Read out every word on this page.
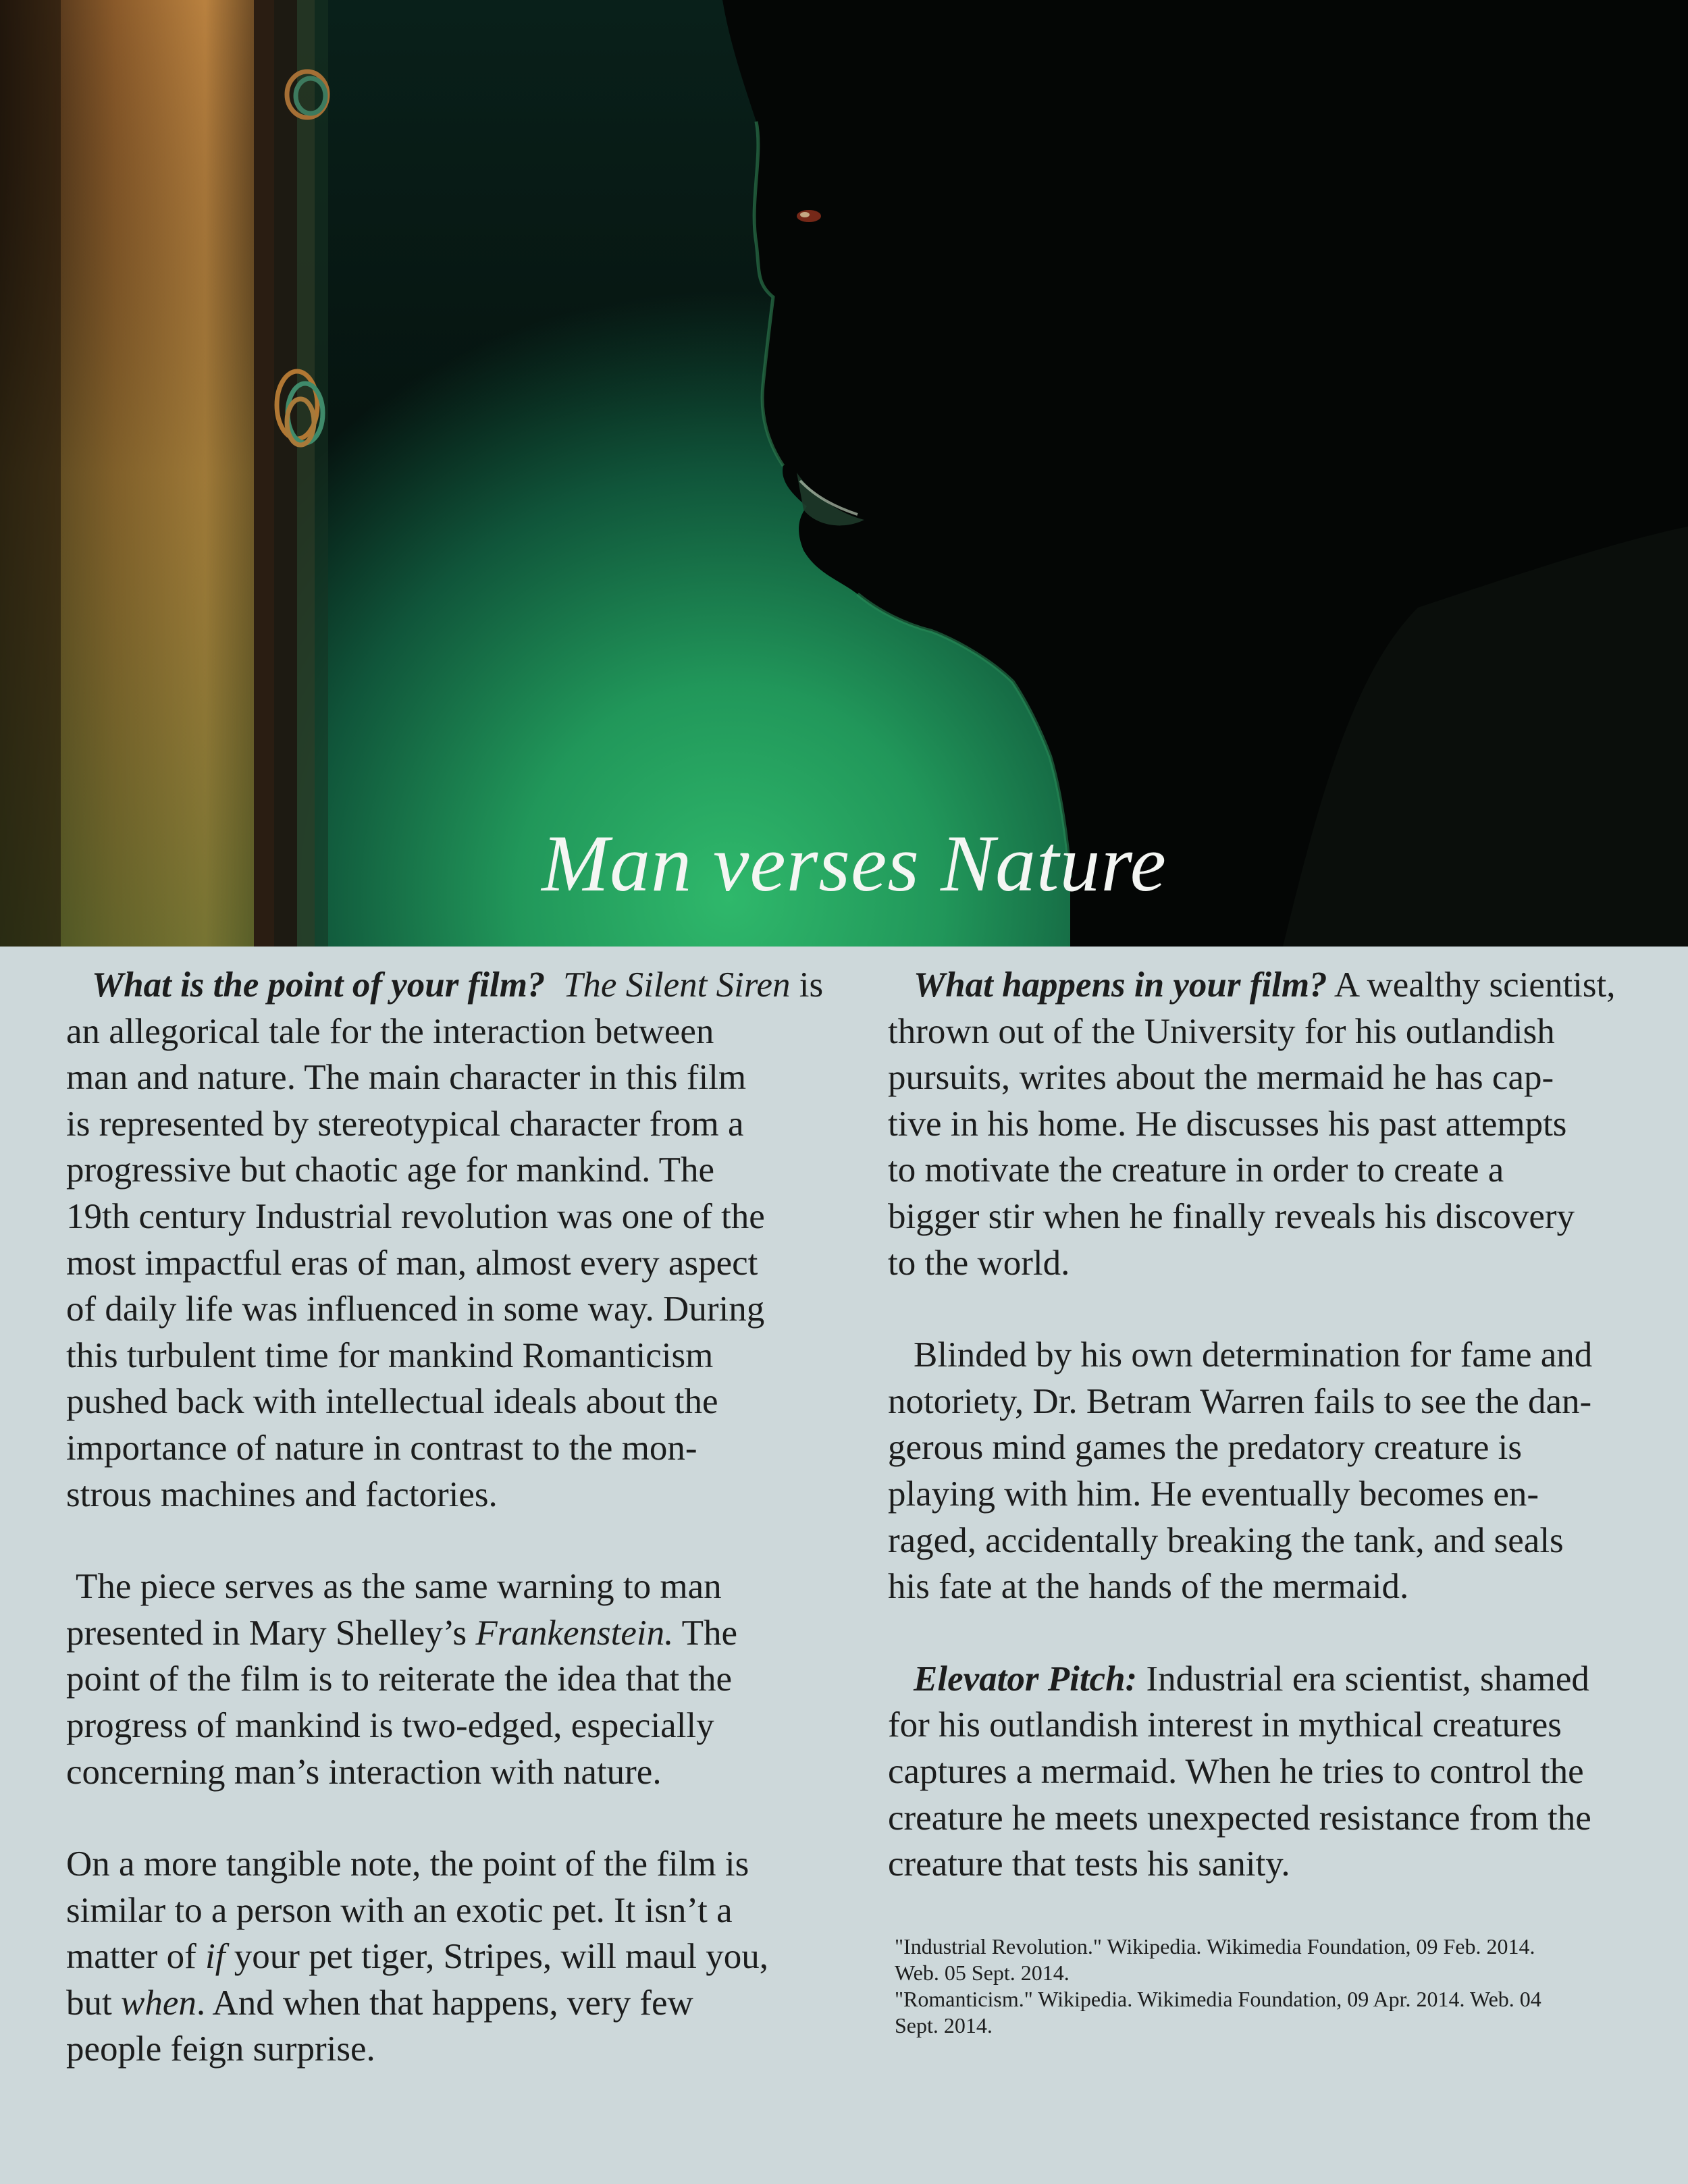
Man verses Nature
What is the point of your film? The Silent Siren is
an allegorical tale for the interaction between
man and nature. The main character in this film
is represented by stereotypical character from a
progressive but chaotic age for mankind. The
19th century Industrial revolution was one of the
most impactful eras of man, almost every aspect
of daily life was influenced in some way. During
this turbulent time for mankind Romanticism
pushed back with intellectual ideals about the
importance of nature in contrast to the mon-
strous machines and factories.
The piece serves as the same warning to man
presented in Mary Shelley’s Frankenstein. The
point of the film is to reiterate the idea that the
progress of mankind is two-edged, especially
concerning man’s interaction with nature.
On a more tangible note, the point of the film is
similar to a person with an exotic pet. It isn’t a
matter of if your pet tiger, Stripes, will maul you,
but when. And when that happens, very few
people feign surprise.
What happens in your film? A wealthy scientist,
thrown out of the University for his outlandish
pursuits, writes about the mermaid he has cap-
tive in his home. He discusses his past attempts
to motivate the creature in order to create a
bigger stir when he finally reveals his discovery
to the world.
Blinded by his own determination for fame and
notoriety, Dr. Betram Warren fails to see the dan-
gerous mind games the predatory creature is
playing with him. He eventually becomes en-
raged, accidentally breaking the tank, and seals
his fate at the hands of the mermaid.
Elevator Pitch: Industrial era scientist, shamed
for his outlandish interest in mythical creatures
captures a mermaid. When he tries to control the
creature he meets unexpected resistance from the
creature that tests his sanity.
"Industrial Revolution." Wikipedia. Wikimedia Foundation, 09 Feb. 2014.
Web. 05 Sept. 2014.
"Romanticism." Wikipedia. Wikimedia Foundation, 09 Apr. 2014. Web. 04
Sept. 2014.
